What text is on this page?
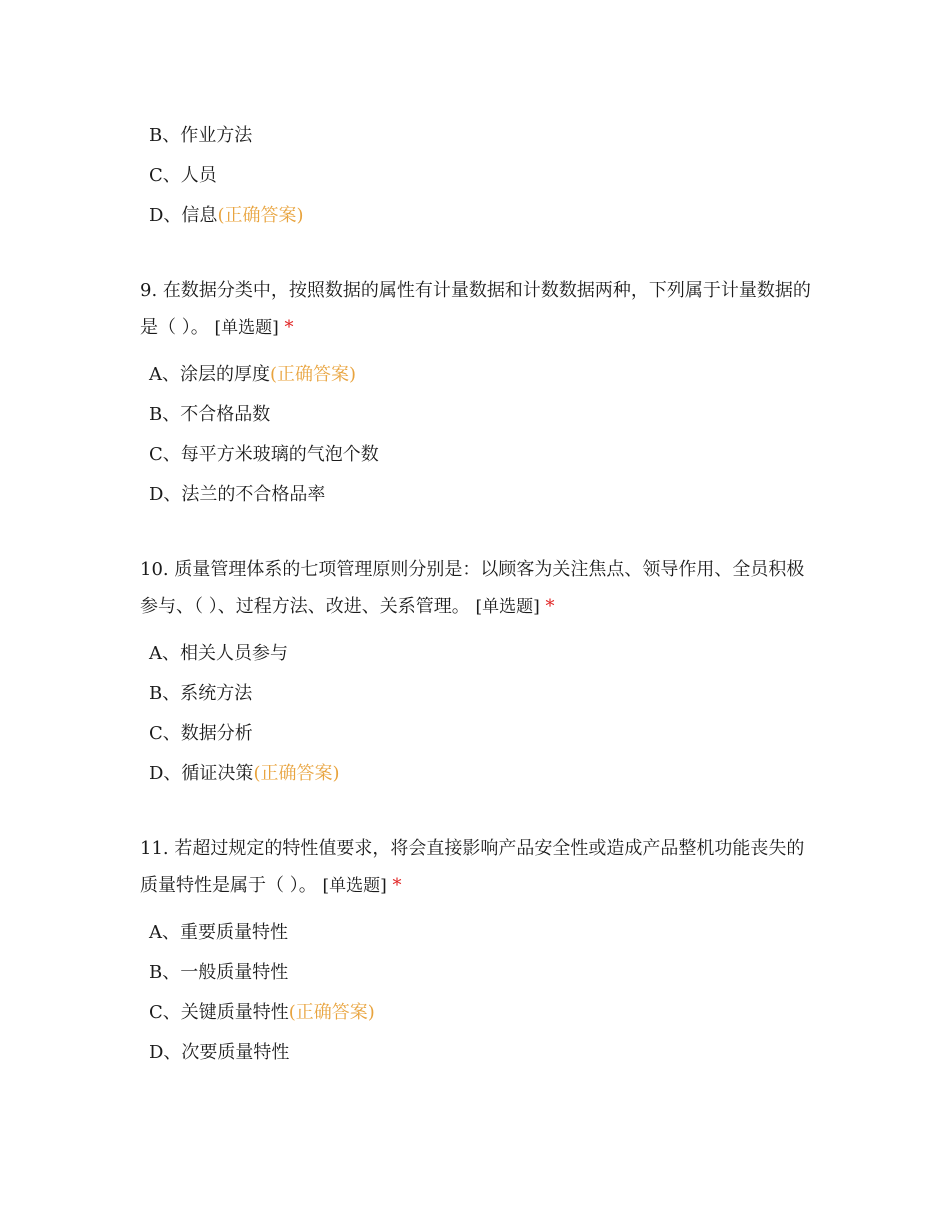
B、作业方法
C、人员
D、信息(正确答案)
9. 在数据分类中，按照数据的属性有计量数据和计数数据两种，下列属于计量数据的是（ ）。 [单选题] *
A、涂层的厚度(正确答案)
B、不合格品数
C、每平方米玻璃的气泡个数
D、法兰的不合格品率
10. 质量管理体系的七项管理原则分别是：以顾客为关注焦点、领导作用、全员积极参与、（ ）、过程方法、改进、关系管理。 [单选题] *
A、相关人员参与
B、系统方法
C、数据分析
D、循证决策(正确答案)
11. 若超过规定的特性值要求，将会直接影响产品安全性或造成产品整机功能丧失的质量特性是属于（ ）。 [单选题] *
A、重要质量特性
B、一般质量特性
C、关键质量特性(正确答案)
D、次要质量特性
